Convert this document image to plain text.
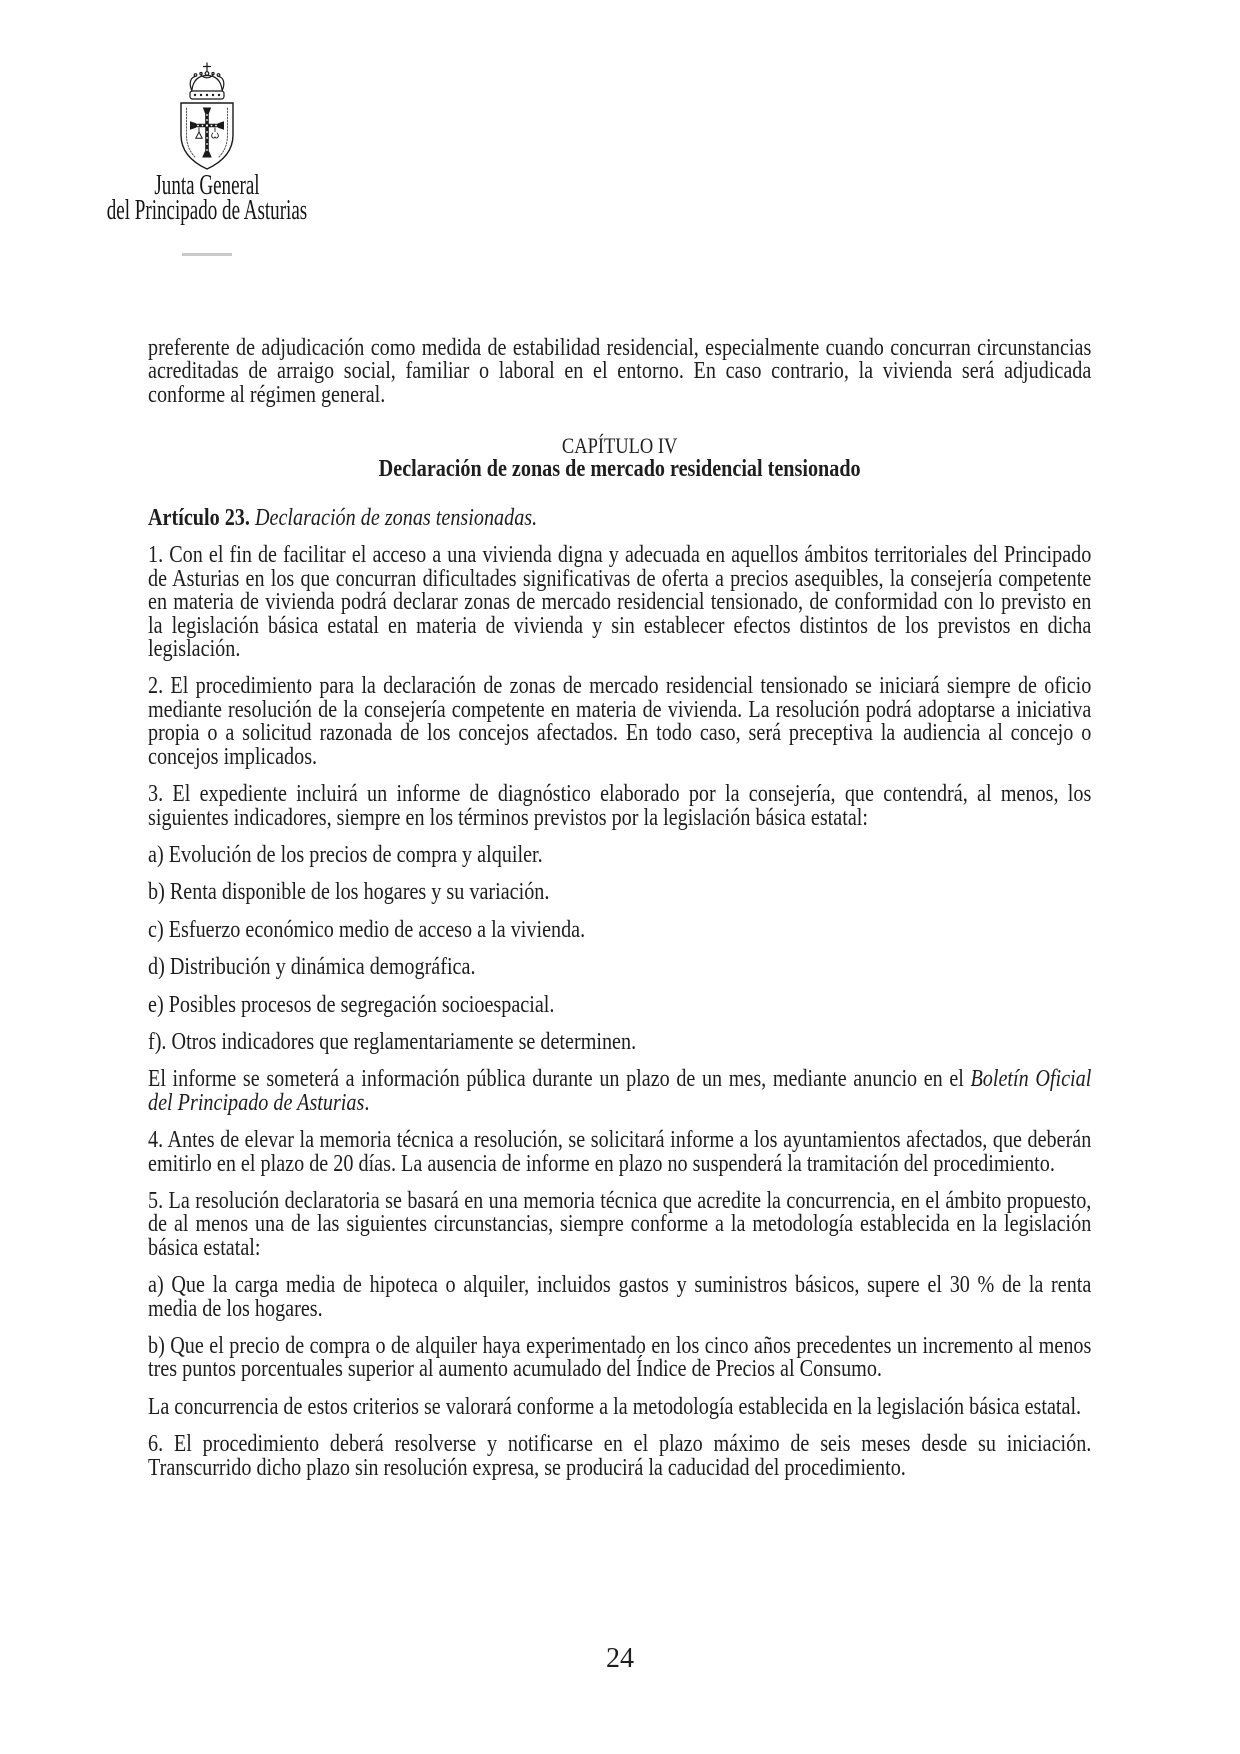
Junta General
del Principado de Asturias

preferente de adjudicación como medida de estabilidad residencial, especialmente cuando concurran circunstancias acreditadas de arraigo social, familiar o laboral en el entorno. En caso contrario, la vivienda será adjudicada conforme al régimen general.

CAPÍTULO IV
Declaración de zonas de mercado residencial tensionado

Artículo 23. Declaración de zonas tensionadas.

1. Con el fin de facilitar el acceso a una vivienda digna y adecuada en aquellos ámbitos territoriales del Principado de Asturias en los que concurran dificultades significativas de oferta a precios asequibles, la consejería competente en materia de vivienda podrá declarar zonas de mercado residencial tensionado, de conformidad con lo previsto en la legislación básica estatal en materia de vivienda y sin establecer efectos distintos de los previstos en dicha legislación.

2. El procedimiento para la declaración de zonas de mercado residencial tensionado se iniciará siempre de oficio mediante resolución de la consejería competente en materia de vivienda. La resolución podrá adoptarse a iniciativa propia o a solicitud razonada de los concejos afectados. En todo caso, será preceptiva la audiencia al concejo o concejos implicados.

3. El expediente incluirá un informe de diagnóstico elaborado por la consejería, que contendrá, al menos, los siguientes indicadores, siempre en los términos previstos por la legislación básica estatal:

a) Evolución de los precios de compra y alquiler.

b) Renta disponible de los hogares y su variación.

c) Esfuerzo económico medio de acceso a la vivienda.

d) Distribución y dinámica demográfica.

e) Posibles procesos de segregación socioespacial.

f). Otros indicadores que reglamentariamente se determinen.

El informe se someterá a información pública durante un plazo de un mes, mediante anuncio en el Boletín Oficial del Principado de Asturias.

4. Antes de elevar la memoria técnica a resolución, se solicitará informe a los ayuntamientos afectados, que deberán emitirlo en el plazo de 20 días. La ausencia de informe en plazo no suspenderá la tramitación del procedimiento.

5. La resolución declaratoria se basará en una memoria técnica que acredite la concurrencia, en el ámbito propuesto, de al menos una de las siguientes circunstancias, siempre conforme a la metodología establecida en la legislación básica estatal:

a) Que la carga media de hipoteca o alquiler, incluidos gastos y suministros básicos, supere el 30 % de la renta media de los hogares.

b) Que el precio de compra o de alquiler haya experimentado en los cinco años precedentes un incremento al menos tres puntos porcentuales superior al aumento acumulado del Índice de Precios al Consumo.

La concurrencia de estos criterios se valorará conforme a la metodología establecida en la legislación básica estatal.

6. El procedimiento deberá resolverse y notificarse en el plazo máximo de seis meses desde su iniciación. Transcurrido dicho plazo sin resolución expresa, se producirá la caducidad del procedimiento.

24
